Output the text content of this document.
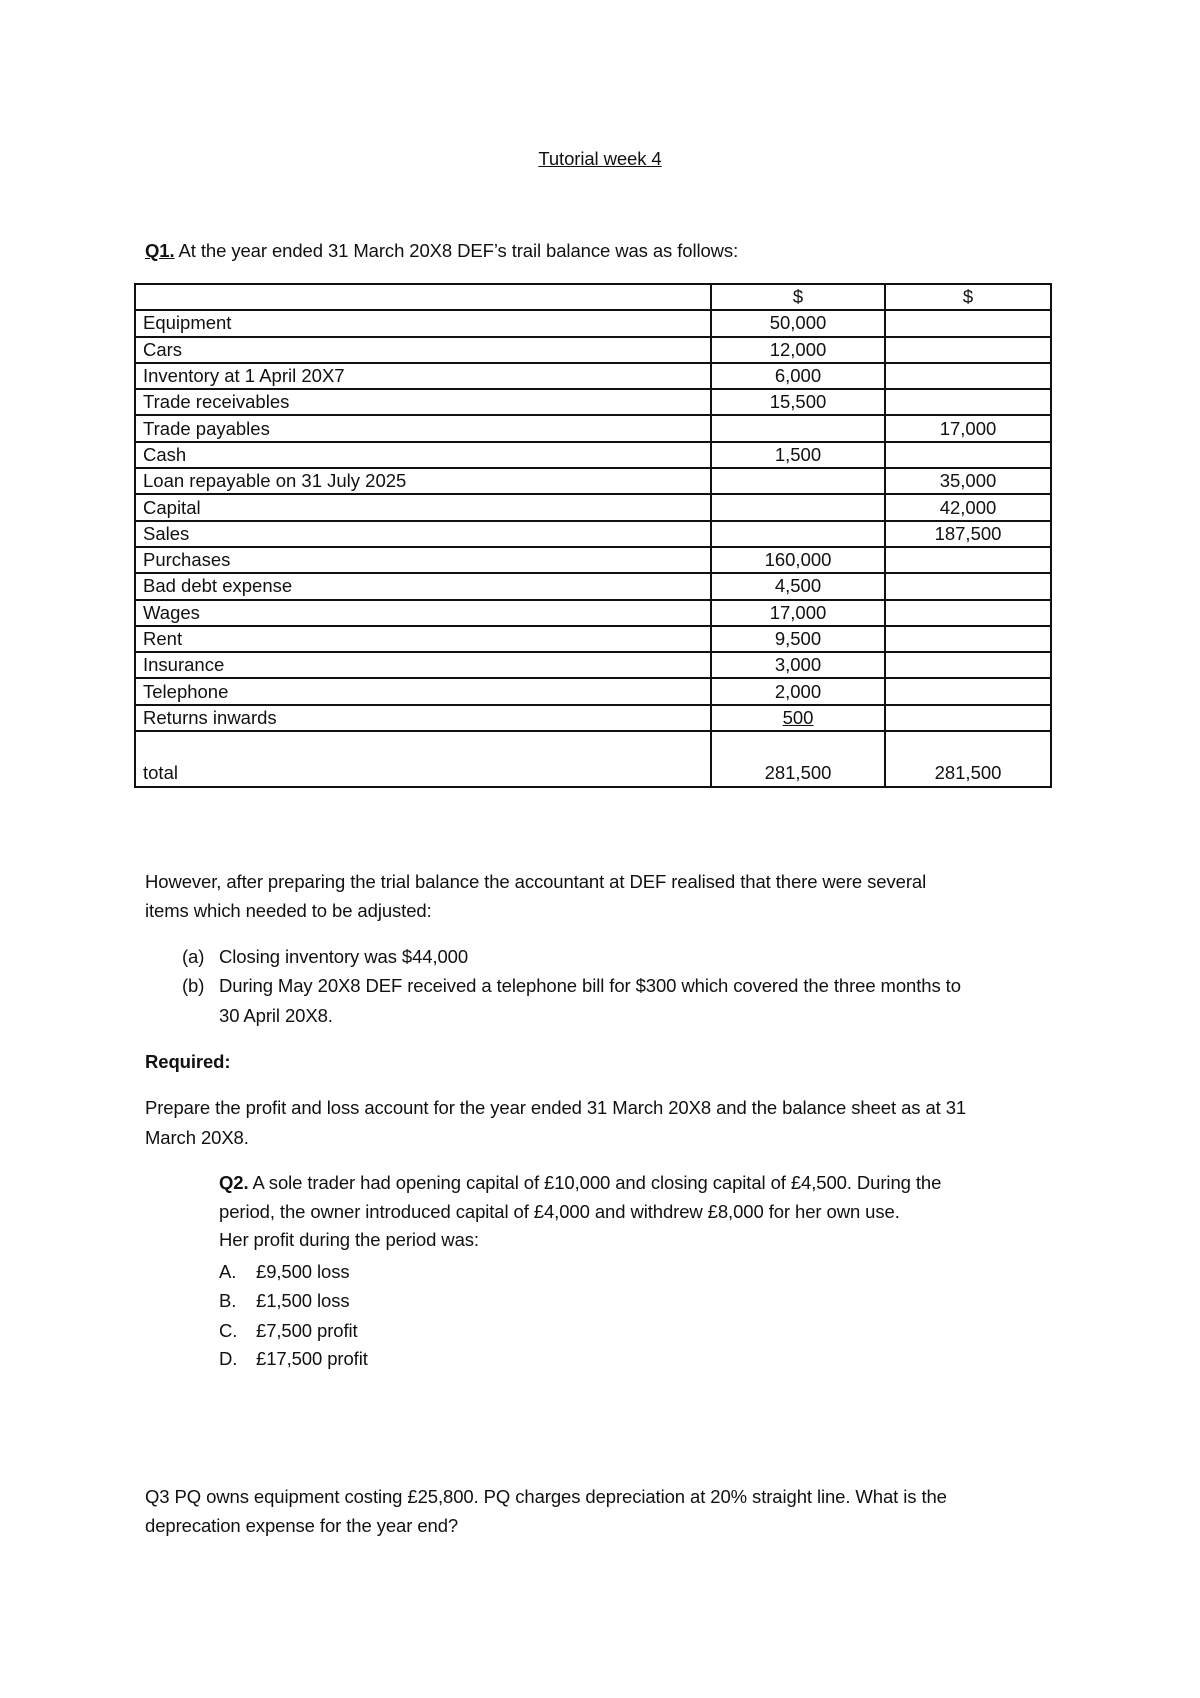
Tutorial week 4
Q1. At the year ended 31 March 20X8 DEF’s trail balance was as follows:
	$	$
Equipment	50,000	
Cars	12,000	
Inventory at 1 April 20X7	6,000	
Trade receivables	15,500	
Trade payables		17,000
Cash	1,500	
Loan repayable on 31 July 2025		35,000
Capital		42,000
Sales		187,500
Purchases	160,000	
Bad debt expense	4,500	
Wages	17,000	
Rent	9,500	
Insurance	3,000	
Telephone	2,000	
Returns inwards	500	
total	281,500	281,500
However, after preparing the trial balance the accountant at DEF realised that there were several
items which needed to be adjusted:
(a) Closing inventory was $44,000
(b) During May 20X8 DEF received a telephone bill for $300 which covered the three months to
30 April 20X8.
Required:
Prepare the profit and loss account for the year ended 31 March 20X8 and the balance sheet as at 31
March 20X8.
Q2. A sole trader had opening capital of £10,000 and closing capital of £4,500. During the
period, the owner introduced capital of £4,000 and withdrew £8,000 for her own use.
Her profit during the period was:
A. £9,500 loss
B. £1,500 loss
C. £7,500 profit
D. £17,500 profit
Q3 PQ owns equipment costing £25,800. PQ charges depreciation at 20% straight line. What is the
deprecation expense for the year end?
